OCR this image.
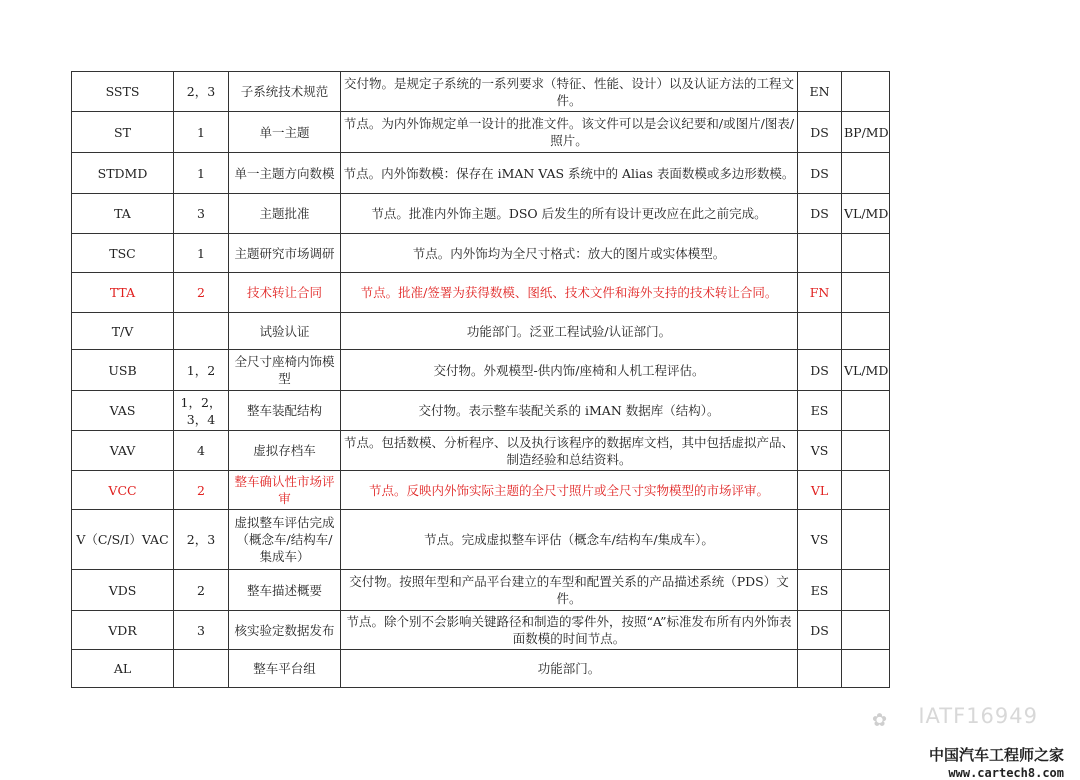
SSTS	2，3	子系统技术规范	交付物。是规定子系统的一系列要求（特征、性能、设计）以及认证方法的工程文件。	EN	
ST	1	单一主题	节点。为内外饰规定单一设计的批准文件。该文件可以是会议纪要和/或图片/图表/照片。	DS	BP/MD
STDMD	1	单一主题方向数模	节点。内外饰数模：保存在 iMAN VAS 系统中的 Alias 表面数模或多边形数模。	DS	
TA	3	主题批准	节点。批准内外饰主题。DSO 后发生的所有设计更改应在此之前完成。	DS	VL/MD
TSC	1	主题研究市场调研	节点。内外饰均为全尺寸格式：放大的图片或实体模型。		
TTA	2	技术转让合同	节点。批准/签署为获得数模、图纸、技术文件和海外支持的技术转让合同。	FN	
T/V		试验认证	功能部门。泛亚工程试验/认证部门。		
USB	1，2	全尺寸座椅内饰模型	交付物。外观模型-供内饰/座椅和人机工程评估。	DS	VL/MD
VAS	1，2，3，4	整车装配结构	交付物。表示整车装配关系的 iMAN 数据库（结构）。	ES	
VAV	4	虚拟存档车	节点。包括数模、分析程序、以及执行该程序的数据库文档，其中包括虚拟产品、制造经验和总结资料。	VS	
VCC	2	整车确认性市场评审	节点。反映内外饰实际主题的全尺寸照片或全尺寸实物模型的市场评审。	VL	
V（C/S/I）VAC	2，3	虚拟整车评估完成（概念车/结构车/集成车）	节点。完成虚拟整车评估（概念车/结构车/集成车）。	VS	
VDS	2	整车描述概要	交付物。按照年型和产品平台建立的车型和配置关系的产品描述系统（PDS）文件。	ES	
VDR	3	核实验定数据发布	节点。除个别不会影响关键路径和制造的零件外，按照“A”标准发布所有内外饰表面数模的时间节点。	DS	
AL		整车平台组	功能部门。		
✿ IATF16949
中国汽车工程师之家
www.cartech8.com
